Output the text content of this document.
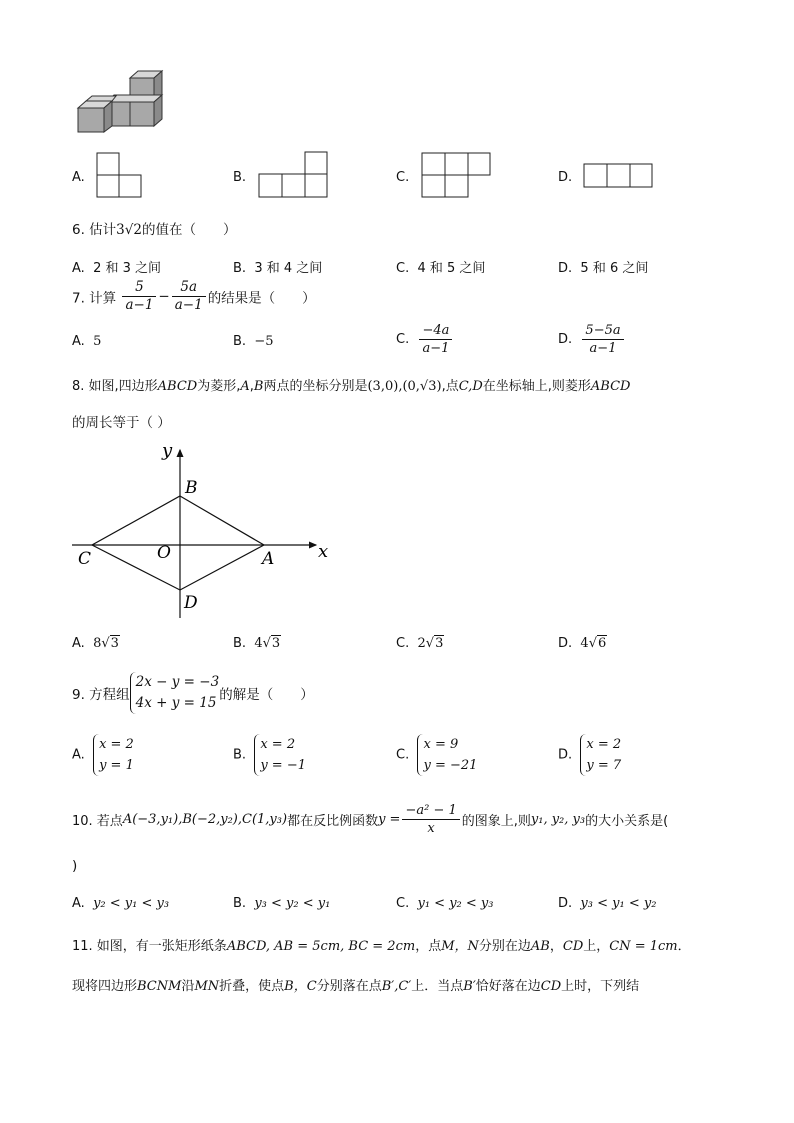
A.	B.	C.	D.
6. 估计3√2的值在（　　）
A. 2 和 3 之间	B. 3 和 4 之间	C. 4 和 5 之间	D. 5 和 6 之间
7. 计算 $\frac{5}{a-1} - \frac{5a}{a-1}$ 的结果是（　　）
A. 5	B. −5	C. $\frac{-4a}{a-1}$	D. $\frac{5-5a}{a-1}$
8. 如图,四边形ABCD为菱形,A,B两点的坐标分别是(3,0),(0,√3),点C,D在坐标轴上,则菱形ABCD
的周长等于（ ）
y
x
B
C	O	A
D
A. 8√3	B. 4√3	C. 2√3	D. 4√6
9. 方程组
2x − y = −3
4x + y = 15 的解是（　　）
A.
x = 2
y = 1
B.
x = 2
y = −1
C.
x = 9
y = −21
D.
x = 2
y = 7
10. 若点A(−3,y₁),B(−2,y₂),C(1,y₃)都在反比例函数$y = \frac{\text{−a² − 1}}{x}$ 的图象上,则y₁, y₂, y₃的大小关系是(
)
A. y₂ < y₁ < y₃	B. y₃ < y₂ < y₁	C. y₁ < y₂ < y₃	D. y₃ < y₁ < y₂
11. 如图，有一张矩形纸条ABCD, AB = 5cm, BC = 2cm，点M，N分别在边AB，CD上，CN = 1cm．
现将四边形BCNM沿MN折叠，使点B，C分别落在点B′,C′上．当点B′恰好落在边CD上时，下列结
